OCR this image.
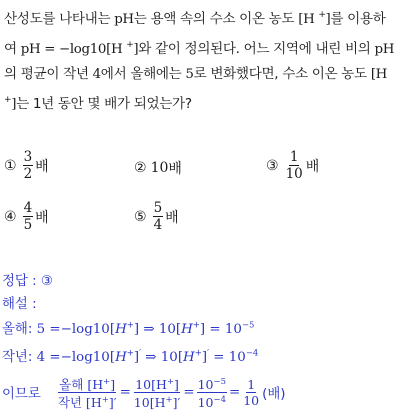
산성도를 나타내는 pH는 용액 속의 수소 이온 농도 [H +]를 이용하여 pH = −log10[H +]와 같이 정의된다. 어느 지역에 내린 비의 pH의 평균이 작년 4에서 올해에는 5로 변화했다면, 수소 이온 농도 [H +]는 1년 동안 몇 배가 되었는가?
① $\frac{3}{2}$ 배	② 10 배	③ $\frac{1}{10}$ 배
④ $\frac{4}{5}$ 배	⑤ $\frac{5}{4}$ 배
정답 : ③
해설 :
올해: 5 =−log10[H+] ⇒ $10[H^+] = 10^{-5}$
작년: 4 =−log10[H+]′ ⇒ $10[H^+]' = 10^{-4}$
이므로 $\frac{올해 [H^+]}{작년 [H^+]'} = \frac{10[H^+]}{10[H^+]'} = \frac{10^{-5}}{10^{-4}} = \frac{1}{10}$ (배)
